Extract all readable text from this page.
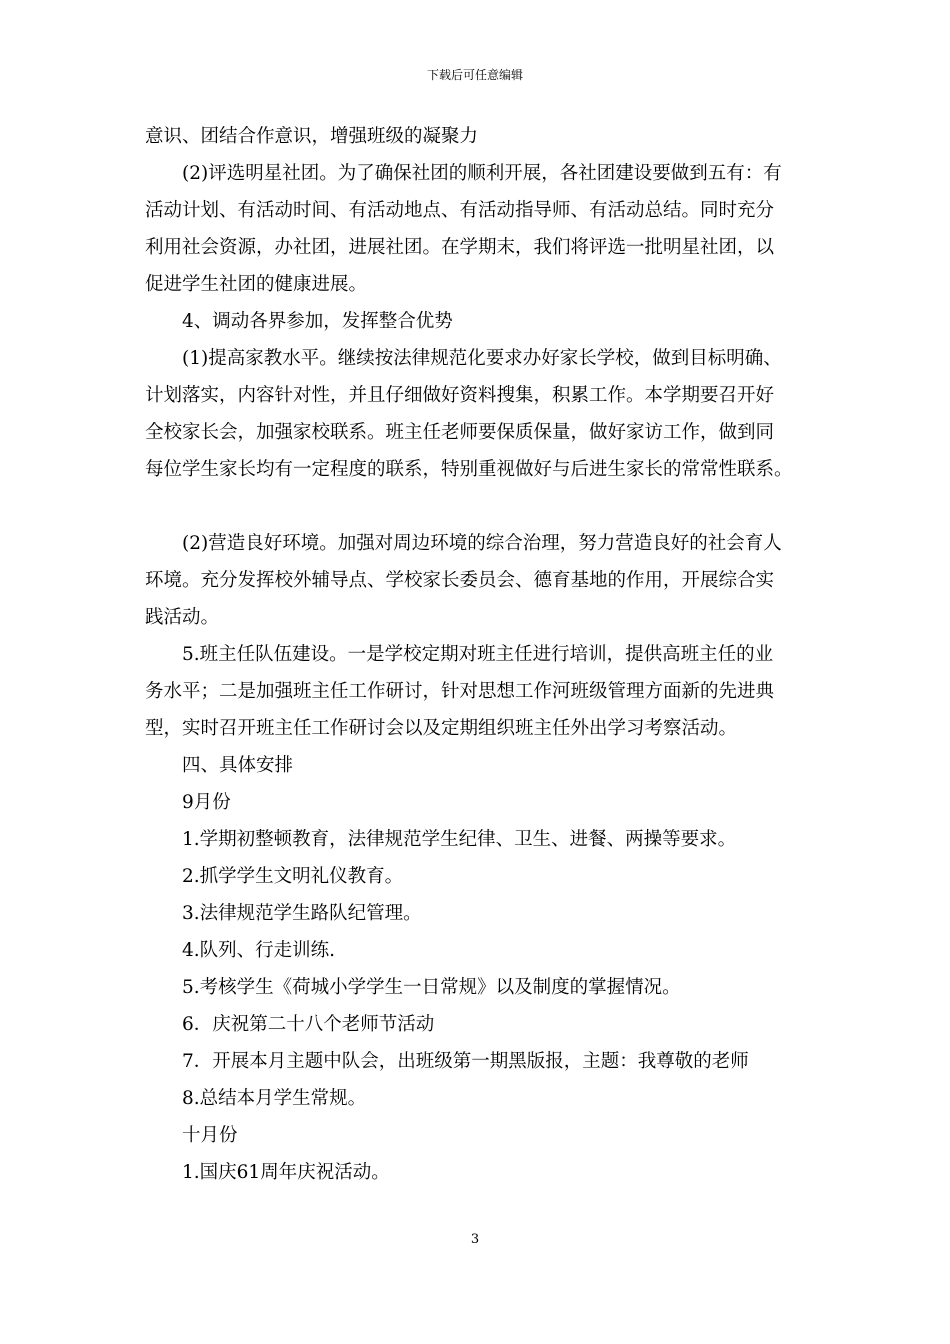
下载后可任意编辑

意识、团结合作意识，增强班级的凝聚力

(2)评选明星社团。为了确保社团的顺利开展，各社团建设要做到五有：有

活动计划、有活动时间、有活动地点、有活动指导师、有活动总结。同时充分

利用社会资源，办社团，进展社团。在学期末，我们将评选一批明星社团，以

促进学生社团的健康进展。

4、调动各界参加，发挥整合优势

(1)提高家教水平。继续按法律规范化要求办好家长学校，做到目标明确、

计划落实，内容针对性，并且仔细做好资料搜集，积累工作。本学期要召开好

全校家长会，加强家校联系。班主任老师要保质保量，做好家访工作，做到同

每位学生家长均有一定程度的联系，特别重视做好与后进生家长的常常性联系。

(2)营造良好环境。加强对周边环境的综合治理，努力营造良好的社会育人

环境。充分发挥校外辅导点、学校家长委员会、德育基地的作用，开展综合实

践活动。

5.班主任队伍建设。一是学校定期对班主任进行培训，提供高班主任的业

务水平；二是加强班主任工作研讨，针对思想工作河班级管理方面新的先进典

型，实时召开班主任工作研讨会以及定期组织班主任外出学习考察活动。

四、具体安排

9月份

1.学期初整顿教育，法律规范学生纪律、卫生、进餐、两操等要求。

2.抓学学生文明礼仪教育。

3.法律规范学生路队纪管理。

4.队列、行走训练.

5.考核学生《荷城小学学生一日常规》以及制度的掌握情况。

6．庆祝第二十八个老师节活动

7．开展本月主题中队会，出班级第一期黑版报，主题：我尊敬的老师

8.总结本月学生常规。

十月份

1.国庆61周年庆祝活动。

3
